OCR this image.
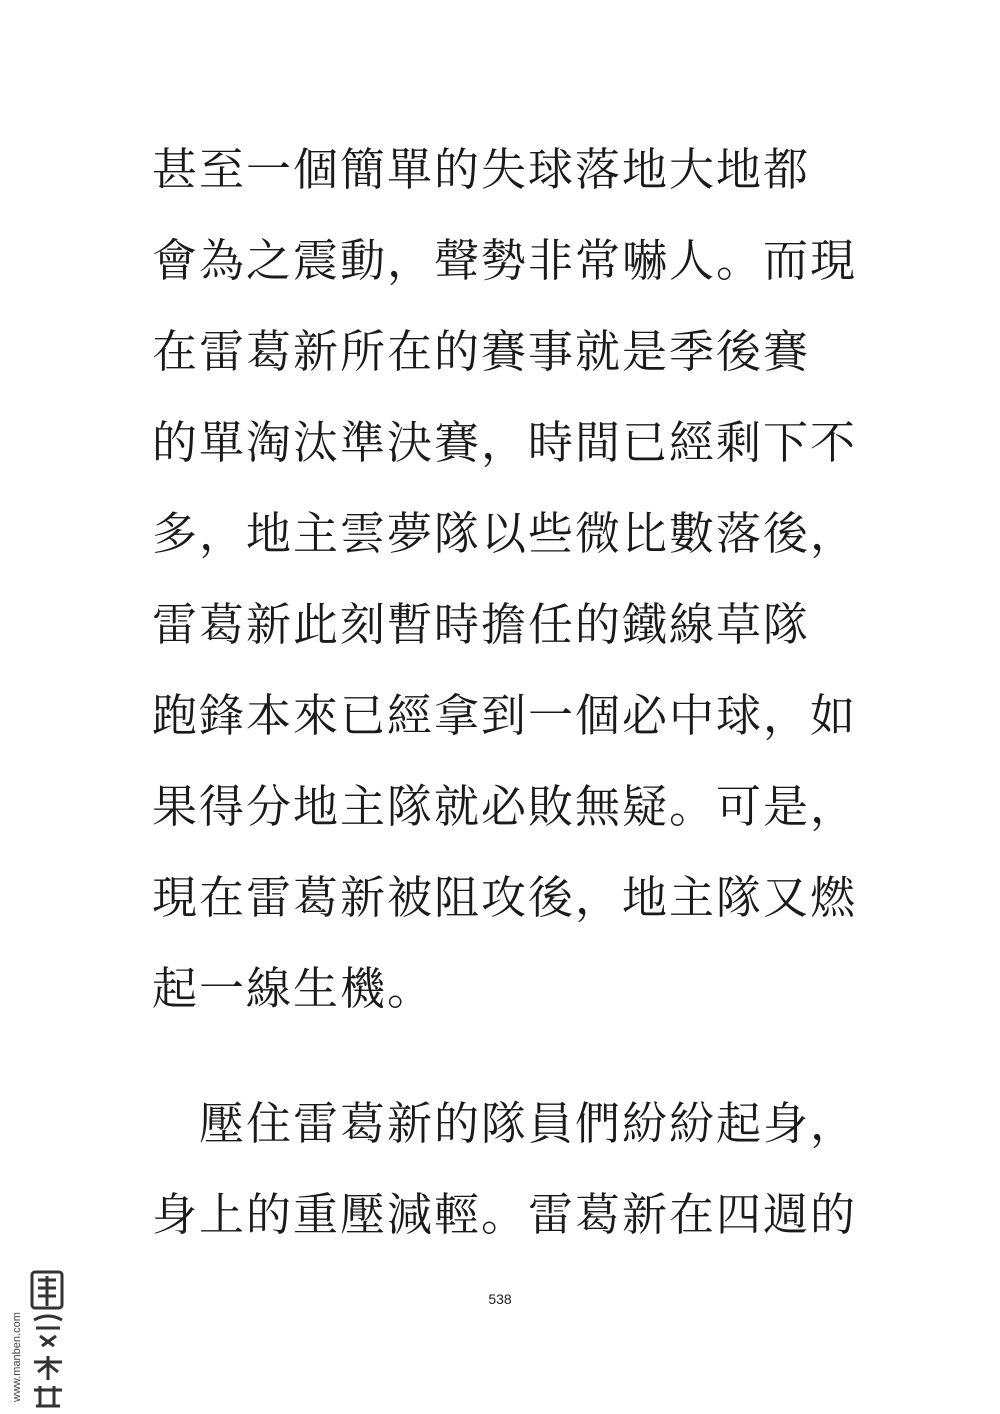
甚至一個簡單的失球落地大地都
會為之震動，聲勢非常嚇人。而現
在雷葛新所在的賽事就是季後賽
的單淘汰準決賽，時間已經剩下不
多，地主雲夢隊以些微比數落後，
雷葛新此刻暫時擔任的鐵線草隊
跑鋒本來已經拿到一個必中球，如
果得分地主隊就必敗無疑。可是，
現在雷葛新被阻攻後，地主隊又燃
起一線生機。
　壓住雷葛新的隊員們紛紛起身，
身上的重壓減輕。雷葛新在四週的
538
www.manben.com
